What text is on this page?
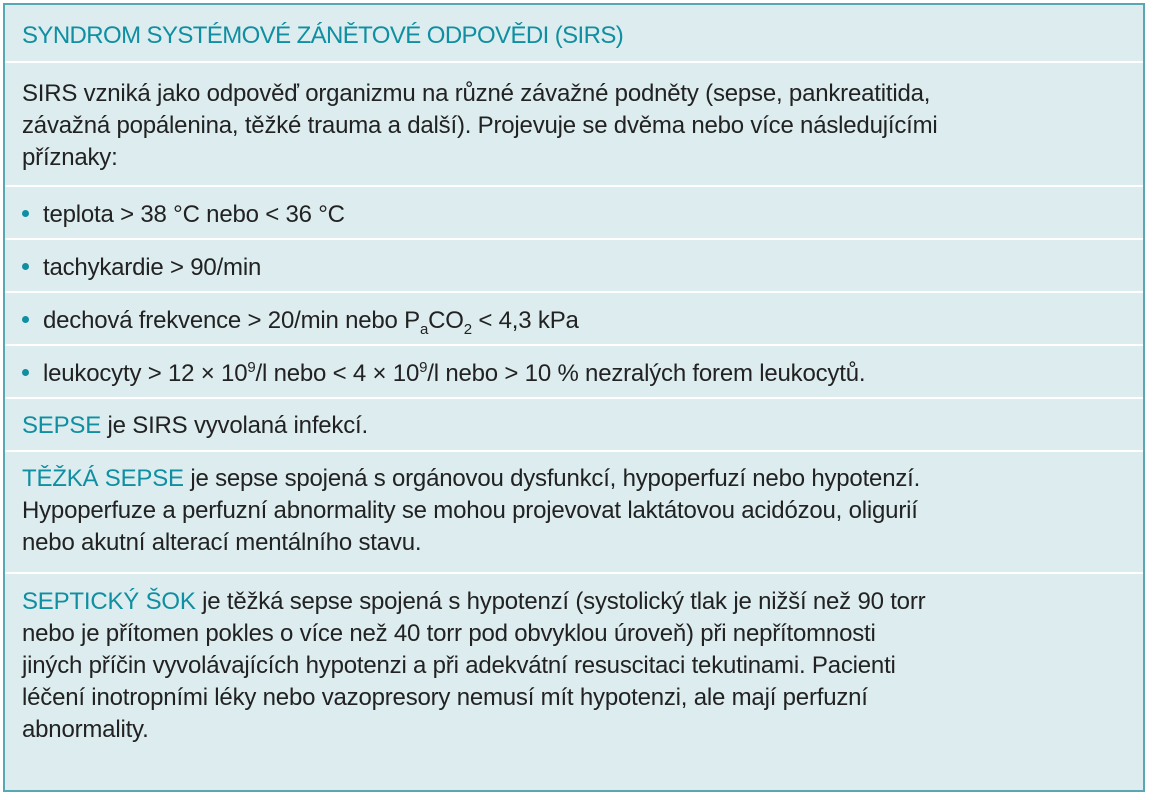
SYNDROM SYSTÉMOVÉ ZÁNĚTOVÉ ODPOVĚDI (SIRS)

SIRS vzniká jako odpověď organizmu na různé závažné podněty (sepse, pankreatitida,
závažná popálenina, těžké trauma a další). Projevuje se dvěma nebo více následujícími
příznaky:

teplota > 38 °C nebo < 36 °C
tachykardie > 90/min
dechová frekvence > 20/min nebo $P_aCO_2 < 4,3$ kPa
leukocyty > $12 \times 10^9/l$ nebo < $4 \times 10^9/l$ nebo > 10 % nezralých forem leukocytů.
SEPSE je SIRS vyvolaná infekcí.
TĚŽKÁ SEPSE je sepse spojená s orgánovou dysfunkcí, hypoperfuzí nebo hypotenzí.
Hypoperfuze a perfuzní abnormality se mohou projevovat laktátovou acidózou, oligurií
nebo akutní alterací mentálního stavu.
SEPTICKÝ ŠOK je těžká sepse spojená s hypotenzí (systolický tlak je nižší než 90 torr
nebo je přítomen pokles o více než 40 torr pod obvyklou úroveň) při nepřítomnosti
jiných příčin vyvolávajících hypotenzi a při adekvátní resuscitaci tekutinami. Pacienti
léčení inotropními léky nebo vazopresory nemusí mít hypotenzi, ale mají perfuzní
abnormality.
